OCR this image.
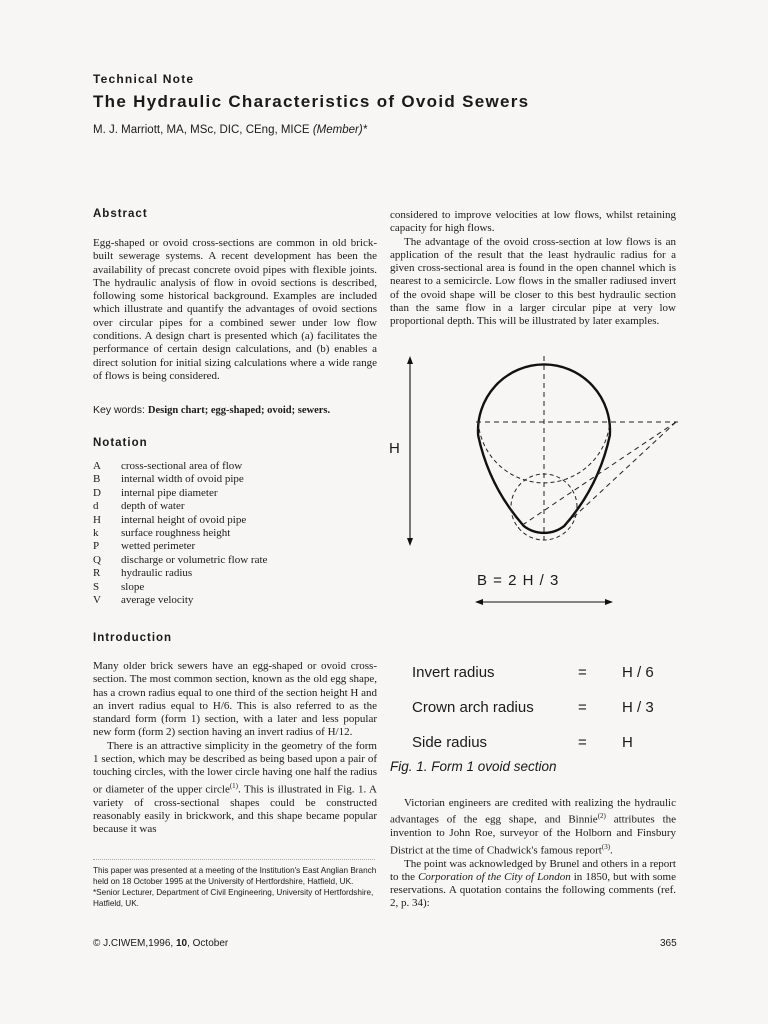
Technical Note
The Hydraulic Characteristics of Ovoid Sewers
M. J. Marriott, MA, MSc, DIC, CEng, MICE (Member)*
Abstract
Egg-shaped or ovoid cross-sections are common in old brick-built sewerage systems. A recent development has been the availability of precast concrete ovoid pipes with flexible joints. The hydraulic analysis of flow in ovoid sections is described, following some historical background. Examples are included which illustrate and quantify the advantages of ovoid sections over circular pipes for a combined sewer under low flow conditions. A design chart is presented which (a) facilitates the performance of certain design calculations, and (b) enables a direct solution for initial sizing calculations where a wide range of flows is being considered.
Key words: Design chart; egg-shaped; ovoid; sewers.
Notation
A	cross-sectional area of flow
B	internal width of ovoid pipe
D	internal pipe diameter
d	depth of water
H	internal height of ovoid pipe
k	surface roughness height
P	wetted perimeter
Q	discharge or volumetric flow rate
R	hydraulic radius
S	slope
V	average velocity
Introduction
Many older brick sewers have an egg-shaped or ovoid cross-section. The most common section, known as the old egg shape, has a crown radius equal to one third of the section height H and an invert radius equal to H/6. This is also referred to as the standard form (form 1) section, with a later and less popular new form (form 2) section having an invert radius of H/12.
There is an attractive simplicity in the geometry of the form 1 section, which may be described as being based upon a pair of touching circles, with the lower circle having one half the radius or diameter of the upper circle$^{(1)}$. This is illustrated in Fig. 1. A variety of cross-sectional shapes could be constructed reasonably easily in brickwork, and this shape became popular because it was
This paper was presented at a meeting of the Institution's East Anglian Branch held on 18 October 1995 at the University of Hertfordshire, Hatfield, UK.
*Senior Lecturer, Department of Civil Engineering, University of Hertfordshire, Hatfield, UK.
© J.CIWEM,1996, 10, October	365
considered to improve velocities at low flows, whilst retaining capacity for high flows.
The advantage of the ovoid cross-section at low flows is an application of the result that the least hydraulic radius for a given cross-sectional area is found in the open channel which is nearest to a semicircle. Low flows in the smaller radiused invert of the ovoid shape will be closer to this best hydraulic section than the same flow in a larger circular pipe at very low proportional depth. This will be illustrated by later examples.
H
B = 2 H / 3
Invert radius	= H / 6
Crown arch radius	= H / 3
Side radius	= H
Fig. 1. Form 1 ovoid section
Victorian engineers are credited with realizing the hydraulic advantages of the egg shape, and Binnie$^{(2)}$ attributes the invention to John Roe, surveyor of the Holborn and Finsbury District at the time of Chadwick's famous report$^{(3)}$.
The point was acknowledged by Brunel and others in a report to the Corporation of the City of London in 1850, but with some reservations. A quotation contains the following comments (ref. 2, p. 34):
